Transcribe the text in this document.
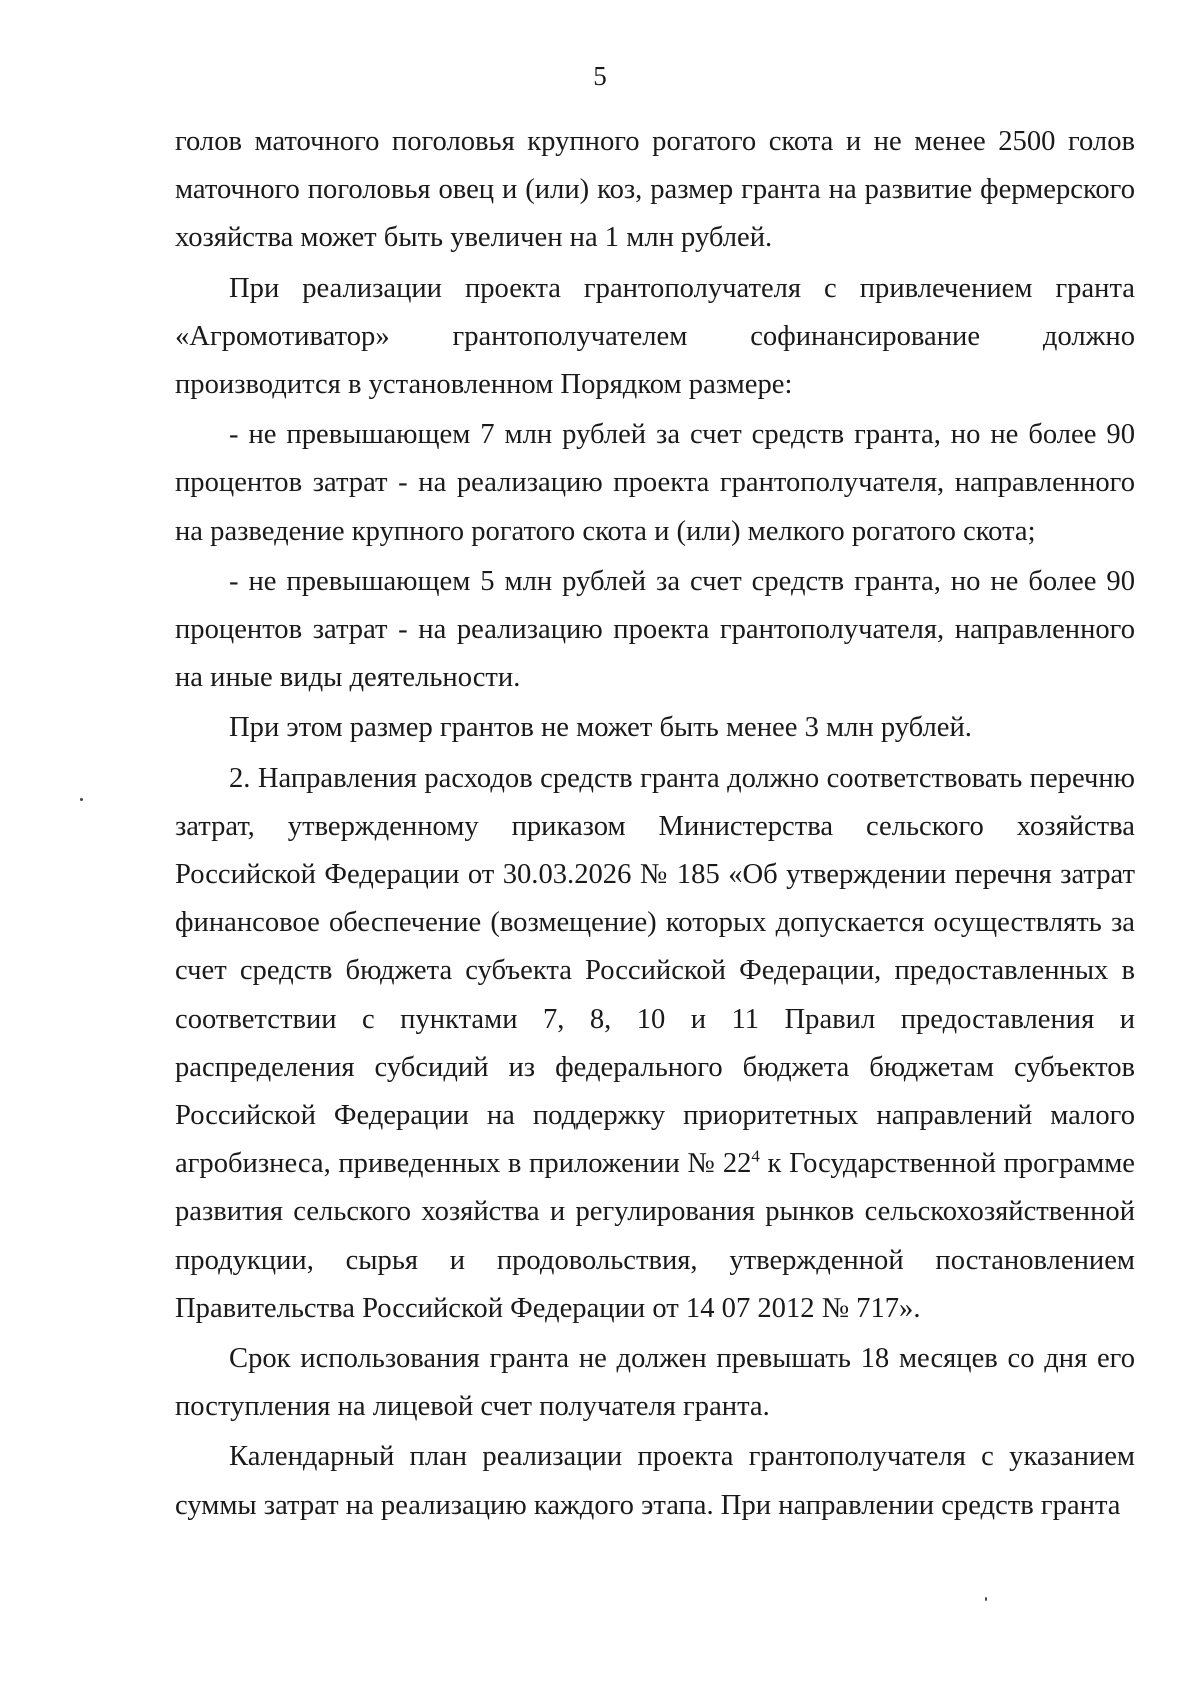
5

голов маточного поголовья крупного рогатого скота и не менее 2500 голов маточного поголовья овец и (или) коз, размер гранта на развитие фермерского хозяйства может быть увеличен на 1 млн рублей.

При реализации проекта грантополучателя с привлечением гранта «Агромотиватор» грантополучателем софинансирование должно производится в установленном Порядком размере:

- не превышающем 7 млн рублей за счет средств гранта, но не более 90 процентов затрат - на реализацию проекта грантополучателя, направленного на разведение крупного рогатого скота и (или) мелкого рогатого скота;

- не превышающем 5 млн рублей за счет средств гранта, но не более 90 процентов затрат - на реализацию проекта грантополучателя, направленного на иные виды деятельности.

При этом размер грантов не может быть менее 3 млн рублей.

2. Направления расходов средств гранта должно соответствовать перечню затрат, утвержденному приказом Министерства сельского хозяйства Российской Федерации от 30.03.2026 № 185 «Об утверждении перечня затрат финансовое обеспечение (возмещение) которых допускается осуществлять за счет средств бюджета субъекта Российской Федерации, предоставленных в соответствии с пунктами 7, 8, 10 и 11 Правил предоставления и распределения субсидий из федерального бюджета бюджетам субъектов Российской Федерации на поддержку приоритетных направлений малого агробизнеса, приведенных в приложении № $22^4$ к Государственной программе развития сельского хозяйства и регулирования рынков сельскохозяйственной продукции, сырья и продовольствия, утвержденной постановлением Правительства Российской Федерации от 14 07 2012 № 717».

Срок использования гранта не должен превышать 18 месяцев со дня его поступления на лицевой счет получателя гранта.

Календарный план реализации проекта грантополучателя с указанием суммы затрат на реализацию каждого этапа. При направлении средств гранта
